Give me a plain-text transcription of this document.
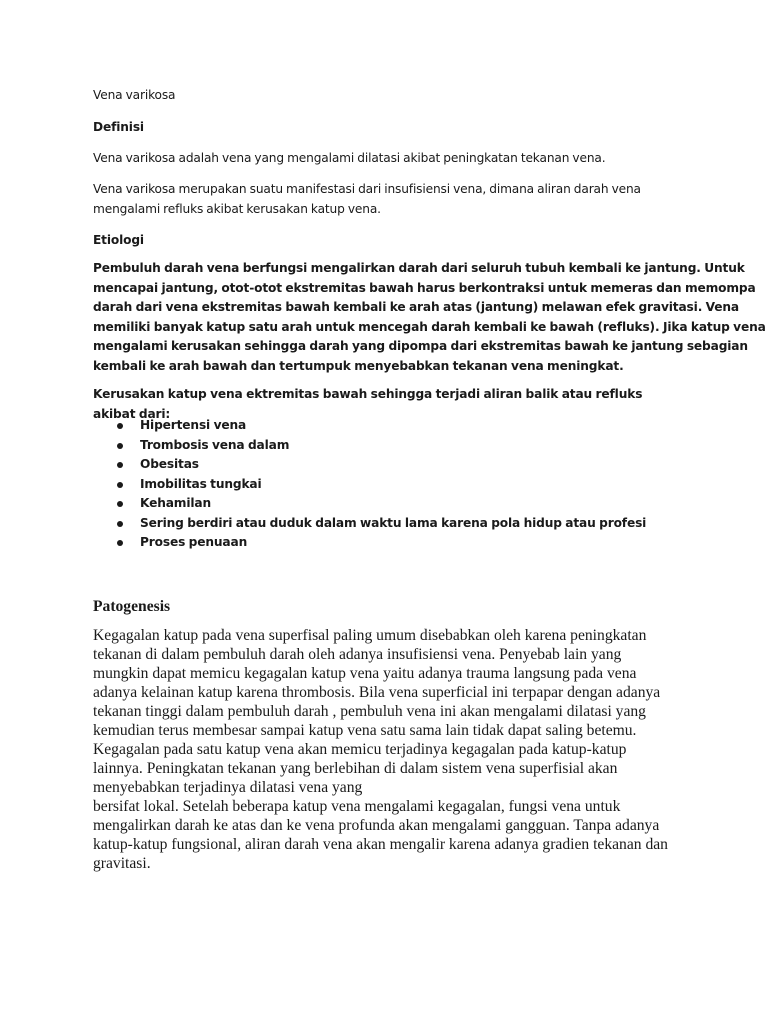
Vena varikosa

Definisi

Vena varikosa adalah vena yang mengalami dilatasi akibat peningkatan tekanan vena.

Vena varikosa merupakan suatu manifestasi dari insufisiensi vena, dimana aliran darah vena
mengalami refluks akibat kerusakan katup vena.

Etiologi

Pembuluh darah vena berfungsi mengalirkan darah dari seluruh tubuh kembali ke jantung. Untuk
mencapai jantung, otot-otot ekstremitas bawah harus berkontraksi untuk memeras dan memompa
darah dari vena ekstremitas bawah kembali ke arah atas (jantung) melawan efek gravitasi. Vena
memiliki banyak katup satu arah untuk mencegah darah kembali ke bawah (refluks). Jika katup vena
mengalami kerusakan sehingga darah yang dipompa dari ekstremitas bawah ke jantung sebagian
kembali ke arah bawah dan tertumpuk menyebabkan tekanan vena meningkat.

Kerusakan katup vena ektremitas bawah sehingga terjadi aliran balik atau refluks akibat dari:

Hipertensi vena
Trombosis vena dalam
Obesitas
Imobilitas tungkai
Kehamilan
Sering berdiri atau duduk dalam waktu lama karena pola hidup atau profesi
Proses penuaan

Patogenesis

Kegagalan katup pada vena superfisal paling umum disebabkan oleh karena peningkatan
tekanan di dalam pembuluh darah oleh adanya insufisiensi vena. Penyebab lain yang
mungkin dapat memicu kegagalan katup vena yaitu adanya trauma langsung pada vena
adanya kelainan katup karena thrombosis. Bila vena superficial ini terpapar dengan adanya
tekanan tinggi dalam pembuluh darah , pembuluh vena ini akan mengalami dilatasi yang
kemudian terus membesar sampai katup vena satu sama lain tidak dapat saling betemu.
Kegagalan pada satu katup vena akan memicu terjadinya kegagalan pada katup-katup
lainnya. Peningkatan tekanan yang berlebihan di dalam sistem vena superfisial akan
menyebabkan terjadinya dilatasi vena yang
bersifat lokal. Setelah beberapa katup vena mengalami kegagalan, fungsi vena untuk
mengalirkan darah ke atas dan ke vena profunda akan mengalami gangguan. Tanpa adanya
katup-katup fungsional, aliran darah vena akan mengalir karena adanya gradien tekanan dan
gravitasi.
